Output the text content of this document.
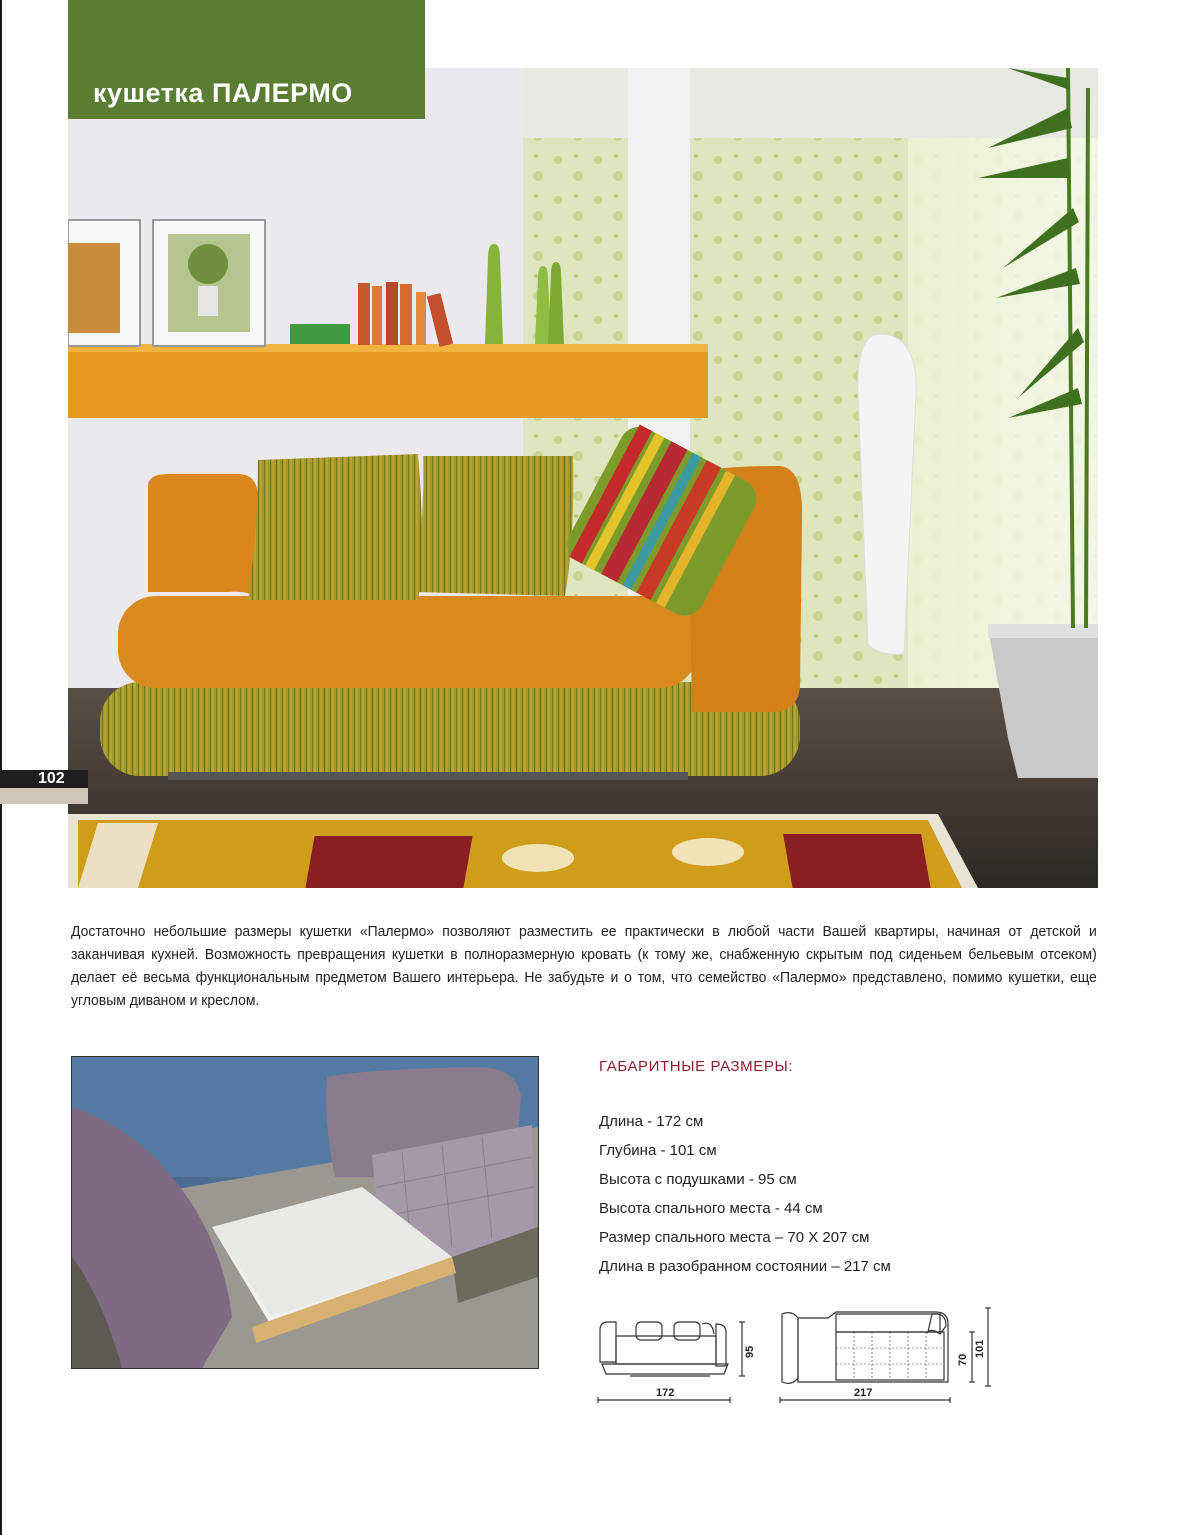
кушетка ПАЛЕРМО
102
Достаточно небольшие размеры кушетки «Палермо» позволяют разместить ее практически в любой части Вашей квартиры, начиная от детской и заканчивая кухней. Возможность превращения кушетки в полноразмерную кровать (к тому же, снабженную скрытым под сиденьем бельевым отсеком) делает её весьма функциональным предметом Вашего интерьера. Не забудьте и о том, что семейство «Палермо» представлено, помимо кушетки, еще угловым диваном и креслом.
ГАБАРИТНЫЕ РАЗМЕРЫ:
Длина - 172 см
Глубина - 101 см
Высота с подушками - 95 см
Высота спального места - 44 см
Размер спального места – 70 Х 207 см
Длина в разобранном состоянии – 217 см
172
95
217
70
101
